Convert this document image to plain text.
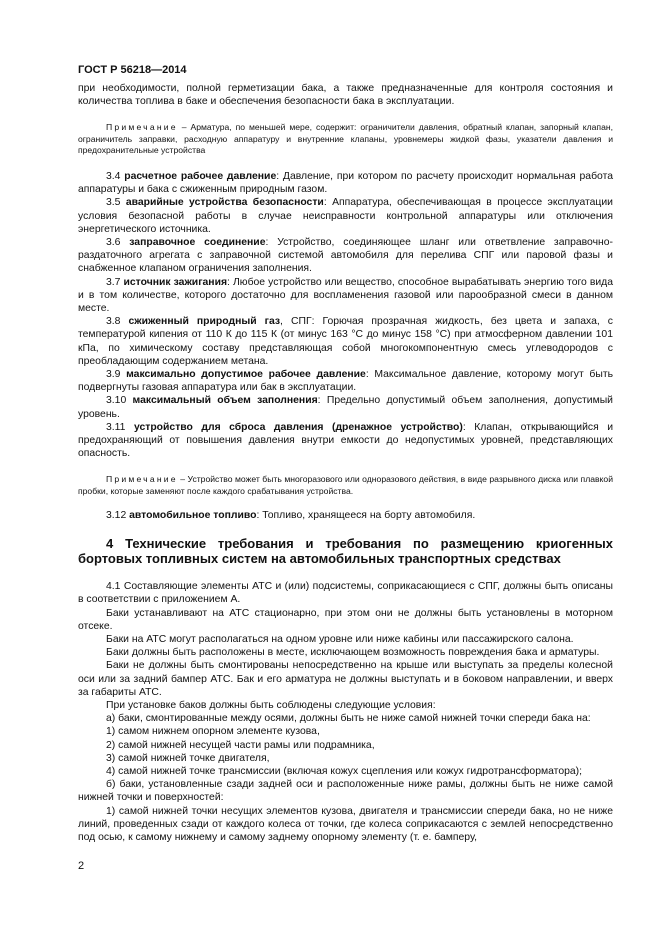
ГОСТ Р 56218—2014

при необходимости, полной герметизации бака, а также предназначенные для контроля состояния и количества топлива в баке и обеспечения безопасности бака в эксплуатации.

Примечание – Арматура, по меньшей мере, содержит: ограничители давления, обратный клапан, запорный клапан, ограничитель заправки, расходную аппаратуру и внутренние клапаны, уровнемеры жидкой фазы, указатели давления и предохранительные устройства

3.4 расчетное рабочее давление: Давление, при котором по расчету происходит нормальная работа аппаратуры и бака с сжиженным природным газом.

3.5 аварийные устройства безопасности: Аппаратура, обеспечивающая в процессе эксплуатации условия безопасной работы в случае неисправности контрольной аппаратуры или отключения энергетического источника.

3.6 заправочное соединение: Устройство, соединяющее шланг или ответвление заправочно-раздаточного агрегата с заправочной системой автомобиля для перелива СПГ или паровой фазы и снабженное клапаном ограничения заполнения.

3.7 источник зажигания: Любое устройство или вещество, способное вырабатывать энергию того вида и в том количестве, которого достаточно для воспламенения газовой или парообразной смеси в данном месте.

3.8 сжиженный природный газ, СПГ: Горючая прозрачная жидкость, без цвета и запаха, с температурой кипения от 110 К до 115 К (от минус 163 °С до минус 158 °С) при атмосферном давлении 101 кПа, по химическому составу представляющая собой многокомпонентную смесь углеводородов с преобладающим содержанием метана.

3.9 максимально допустимое рабочее давление: Максимальное давление, которому могут быть подвергнуты газовая аппаратура или бак в эксплуатации.

3.10 максимальный объем заполнения: Предельно допустимый объем заполнения, допустимый уровень.

3.11 устройство для сброса давления (дренажное устройство): Клапан, открывающийся и предохраняющий от повышения давления внутри емкости до недопустимых уровней, представляющих опасность.

Примечание – Устройство может быть многоразового или одноразового действия, в виде разрывного диска или плавкой пробки, которые заменяют после каждого срабатывания устройства.

3.12 автомобильное топливо: Топливо, хранящееся на борту автомобиля.

4 Технические требования и требования по размещению криогенных бортовых топливных систем на автомобильных транспортных средствах

4.1 Составляющие элементы АТС и (или) подсистемы, соприкасающиеся с СПГ, должны быть описаны в соответствии с приложением А.

Баки устанавливают на АТС стационарно, при этом они не должны быть установлены в моторном отсеке.

Баки на АТС могут располагаться на одном уровне или ниже кабины или пассажирского салона.

Баки должны быть расположены в месте, исключающем возможность повреждения бака и арматуры.

Баки не должны быть смонтированы непосредственно на крыше или выступать за пределы колесной оси или за задний бампер АТС. Бак и его арматура не должны выступать и в боковом направлении, и вверх за габариты АТС.

При установке баков должны быть соблюдены следующие условия:

а) баки, смонтированные между осями, должны быть не ниже самой нижней точки спереди бака на:

1) самом нижнем опорном элементе кузова,

2) самой нижней несущей части рамы или подрамника,

3) самой нижней точке двигателя,

4) самой нижней точке трансмиссии (включая кожух сцепления или кожух гидротрансформатора);

б) баки, установленные сзади задней оси и расположенные ниже рамы, должны быть не ниже самой нижней точки и поверхностей:

1) самой нижней точки несущих элементов кузова, двигателя и трансмиссии спереди бака, но не ниже линий, проведенных сзади от каждого колеса от точки, где колеса соприкасаются с землей непосредственно под осью, к самому нижнему и самому заднему опорному элементу (т. е. бамперу,

2
